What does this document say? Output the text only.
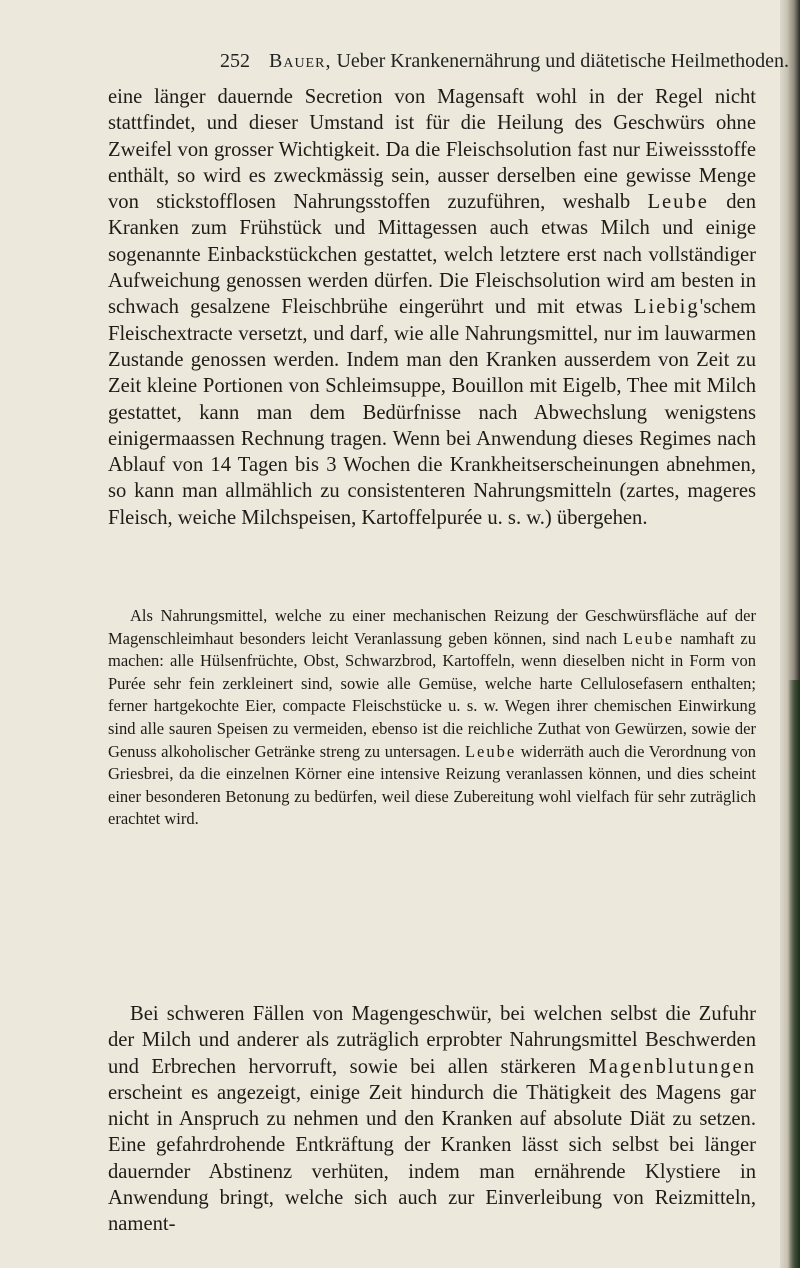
252 Bauer, Ueber Krankenernährung und diätetische Heilmethoden.

eine länger dauernde Secretion von Magensaft wohl in der Regel nicht stattfindet, und dieser Umstand ist für die Heilung des Geschwürs ohne Zweifel von grosser Wichtigkeit. Da die Fleischsolution fast nur Eiweissstoffe enthält, so wird es zweckmässig sein, ausser derselben eine gewisse Menge von stickstofflosen Nahrungsstoffen zuzuführen, weshalb Leube den Kranken zum Frühstück und Mittagessen auch etwas Milch und einige sogenannte Einbackstückchen gestattet, welch letztere erst nach vollständiger Aufweichung genossen werden dürfen. Die Fleischsolution wird am besten in schwach gesalzene Fleischbrühe eingerührt und mit etwas Liebig'schem Fleischextracte versetzt, und darf, wie alle Nahrungsmittel, nur im lauwarmen Zustande genossen werden. Indem man den Kranken ausserdem von Zeit zu Zeit kleine Portionen von Schleimsuppe, Bouillon mit Eigelb, Thee mit Milch gestattet, kann man dem Bedürfnisse nach Abwechslung wenigstens einigermaassen Rechnung tragen. Wenn bei Anwendung dieses Regimes nach Ablauf von 14 Tagen bis 3 Wochen die Krankheitserscheinungen abnehmen, so kann man allmählich zu consistenteren Nahrungsmitteln (zartes, mageres Fleisch, weiche Milchspeisen, Kartoffelpurée u. s. w.) übergehen.

Als Nahrungsmittel, welche zu einer mechanischen Reizung der Geschwürsfläche auf der Magenschleimhaut besonders leicht Veranlassung geben können, sind nach Leube namhaft zu machen: alle Hülsenfrüchte, Obst, Schwarzbrod, Kartoffeln, wenn dieselben nicht in Form von Purée sehr fein zerkleinert sind, sowie alle Gemüse, welche harte Cellulosefasern enthalten; ferner hartgekochte Eier, compacte Fleischstücke u. s. w. Wegen ihrer chemischen Einwirkung sind alle sauren Speisen zu vermeiden, ebenso ist die reichliche Zuthat von Gewürzen, sowie der Genuss alkoholischer Getränke streng zu untersagen. Leube widerräth auch die Verordnung von Griesbrei, da die einzelnen Körner eine intensive Reizung veranlassen können, und dies scheint einer besonderen Betonung zu bedürfen, weil diese Zubereitung wohl vielfach für sehr zuträglich erachtet wird.

Bei schweren Fällen von Magengeschwür, bei welchen selbst die Zufuhr der Milch und anderer als zuträglich erprobter Nahrungsmittel Beschwerden und Erbrechen hervorruft, sowie bei allen stärkeren Magenblutungen erscheint es angezeigt, einige Zeit hindurch die Thätigkeit des Magens gar nicht in Anspruch zu nehmen und den Kranken auf absolute Diät zu setzen. Eine gefahrdrohende Entkräftung der Kranken lässt sich selbst bei länger dauernder Abstinenz verhüten, indem man ernährende Klystiere in Anwendung bringt, welche sich auch zur Einverleibung von Reizmitteln, nament-
